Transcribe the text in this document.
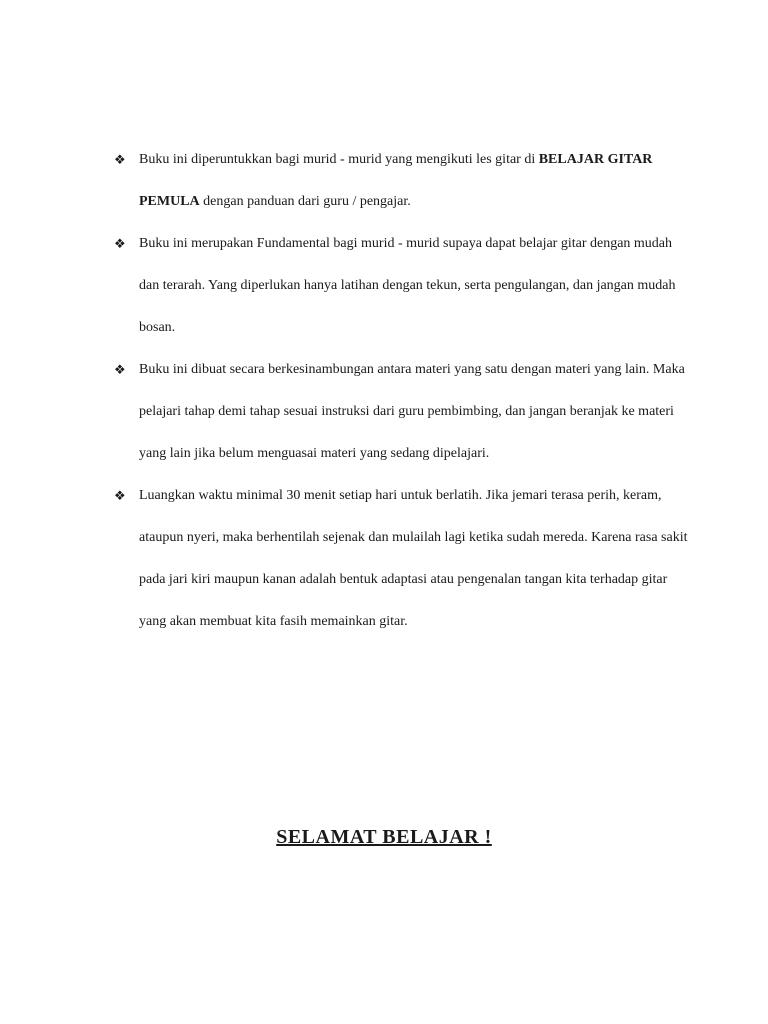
❖ Buku ini diperuntukkan bagi murid - murid yang mengikuti les gitar di BELAJAR GITAR PEMULA dengan panduan dari guru / pengajar.
❖ Buku ini merupakan Fundamental bagi murid - murid supaya dapat belajar gitar dengan mudah dan terarah. Yang diperlukan hanya latihan dengan tekun, serta pengulangan, dan jangan mudah bosan.
❖ Buku ini dibuat secara berkesinambungan antara materi yang satu dengan materi yang lain. Maka pelajari tahap demi tahap sesuai instruksi dari guru pembimbing, dan jangan beranjak ke materi yang lain jika belum menguasai materi yang sedang dipelajari.
❖ Luangkan waktu minimal 30 menit setiap hari untuk berlatih. Jika jemari terasa perih, keram, ataupun nyeri, maka berhentilah sejenak dan mulailah lagi ketika sudah mereda. Karena rasa sakit pada jari kiri maupun kanan adalah bentuk adaptasi atau pengenalan tangan kita terhadap gitar yang akan membuat kita fasih memainkan gitar.
SELAMAT BELAJAR !
